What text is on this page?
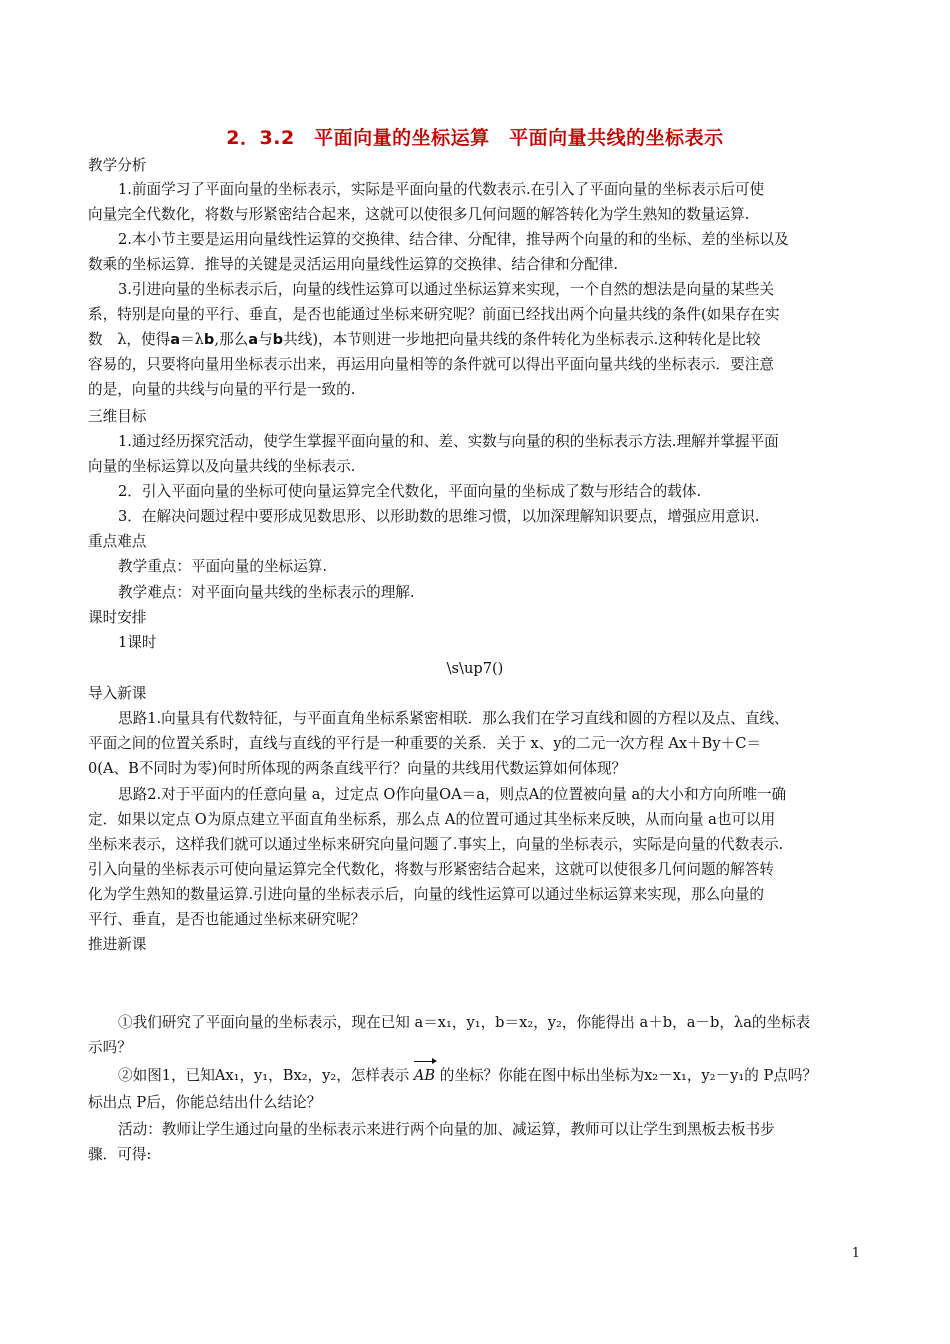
2．3.2　平面向量的坐标运算　平面向量共线的坐标表示
教学分析
1.前面学习了平面向量的坐标表示，实际是平面向量的代数表示.在引入了平面向量的坐标表示后可使
向量完全代数化，将数与形紧密结合起来，这就可以使很多几何问题的解答转化为学生熟知的数量运算.
2.本小节主要是运用向量线性运算的交换律、结合律、分配律，推导两个向量的和的坐标、差的坐标以及
数乘的坐标运算．推导的关键是灵活运用向量线性运算的交换律、结合律和分配律.
3.引进向量的坐标表示后，向量的线性运算可以通过坐标运算来实现，一个自然的想法是向量的某些关
系，特别是向量的平行、垂直，是否也能通过坐标来研究呢？前面已经找出两个向量共线的条件(如果存在实
数　λ，使得a＝λb,那么a与b共线)，本节则进一步地把向量共线的条件转化为坐标表示.这种转化是比较
容易的，只要将向量用坐标表示出来，再运用向量相等的条件就可以得出平面向量共线的坐标表示．要注意
的是，向量的共线与向量的平行是一致的.
三维目标
1.通过经历探究活动，使学生掌握平面向量的和、差、实数与向量的积的坐标表示方法.理解并掌握平面
向量的坐标运算以及向量共线的坐标表示.
2．引入平面向量的坐标可使向量运算完全代数化，平面向量的坐标成了数与形结合的载体.
3．在解决问题过程中要形成见数思形、以形助数的思维习惯，以加深理解知识要点，增强应用意识.
重点难点
教学重点：平面向量的坐标运算.
教学难点：对平面向量共线的坐标表示的理解.
课时安排
1课时
\s\up7()
导入新课
思路1.向量具有代数特征，与平面直角坐标系紧密相联．那么我们在学习直线和圆的方程以及点、直线、
平面之间的位置关系时，直线与直线的平行是一种重要的关系．关于 x、y的二元一次方程 Ax＋By＋C＝
0(A、B不同时为零)何时所体现的两条直线平行？向量的共线用代数运算如何体现？
思路2.对于平面内的任意向量 a，过定点 O作向量OA＝a，则点A的位置被向量 a的大小和方向所唯一确
定．如果以定点 O为原点建立平面直角坐标系，那么点 A的位置可通过其坐标来反映，从而向量 a也可以用
坐标来表示，这样我们就可以通过坐标来研究向量问题了.事实上，向量的坐标表示，实际是向量的代数表示.
引入向量的坐标表示可使向量运算完全代数化，将数与形紧密结合起来，这就可以使很多几何问题的解答转
化为学生熟知的数量运算.引进向量的坐标表示后，向量的线性运算可以通过坐标运算来实现，那么向量的
平行、垂直，是否也能通过坐标来研究呢？
推进新课
①我们研究了平面向量的坐标表示，现在已知 a＝x₁，y₁，b＝x₂，y₂，你能得出 a＋b，a－b，λa的坐标表
示吗？
②如图1，已知Ax₁，y₁，Bx₂，y₂，怎样表示 AB 的坐标？你能在图中标出坐标为x₂－x₁，y₂－y₁的 P点吗？
标出点 P后，你能总结出什么结论？
活动：教师让学生通过向量的坐标表示来进行两个向量的加、减运算，教师可以让学生到黑板去板书步
骤．可得:
1
